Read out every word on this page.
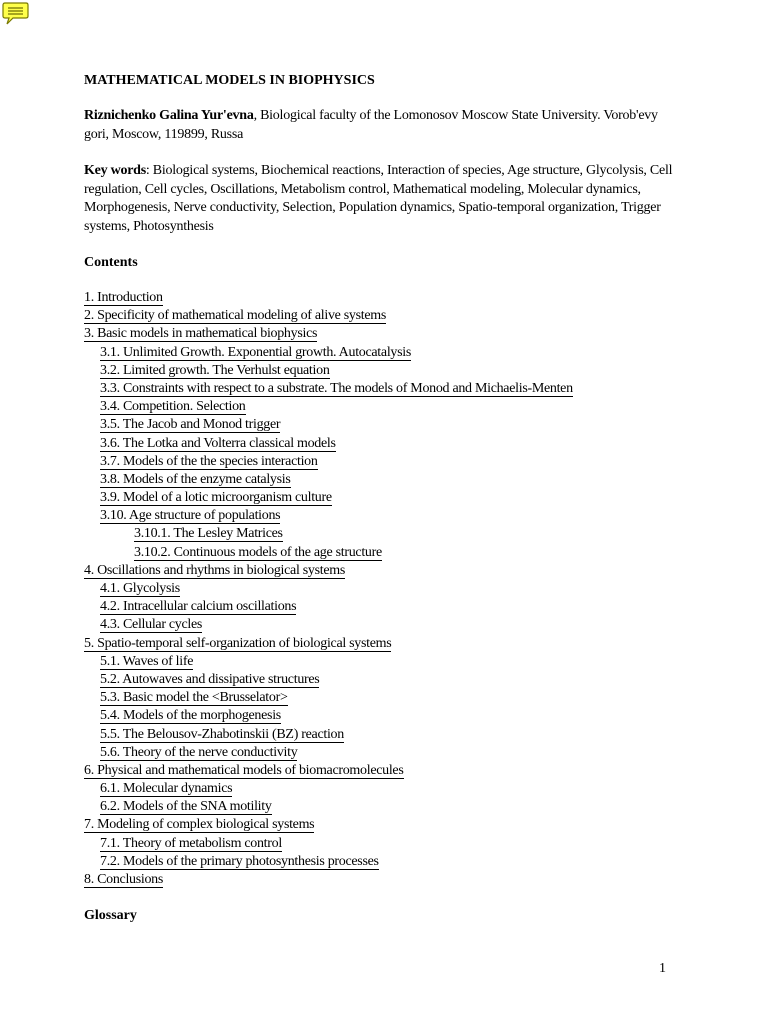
MATHEMATICAL MODELS IN BIOPHYSICS

Riznichenko Galina Yur'evna, Biological faculty of the Lomonosov Moscow State University. Vorob'evy gori, Moscow, 119899, Russa

Key words: Biological systems, Biochemical reactions, Interaction of species, Age structure, Glycolysis, Cell regulation, Cell cycles, Oscillations, Metabolism control, Mathematical modeling, Molecular dynamics, Morphogenesis, Nerve conductivity, Selection, Population dynamics, Spatio-temporal organization, Trigger systems, Photosynthesis

Contents
1. Introduction
2. Specificity of mathematical modeling of alive systems
3. Basic models in mathematical biophysics
3.1. Unlimited Growth. Exponential growth. Autocatalysis
3.2. Limited growth. The Verhulst equation
3.3. Constraints with respect to a substrate. The models of Monod and Michaelis-Menten
3.4. Competition. Selection
3.5. The Jacob and Monod trigger
3.6. The Lotka and Volterra classical models
3.7. Models of the the species interaction
3.8. Models of the enzyme catalysis
3.9. Model of a lotic microorganism culture
3.10. Age structure of populations
3.10.1. The Lesley Matrices
3.10.2. Continuous models of the age structure
4. Oscillations and rhythms in biological systems
4.1. Glycolysis
4.2. Intracellular calcium oscillations
4.3. Cellular cycles
5. Spatio-temporal self-organization of biological systems
5.1. Waves of life
5.2. Autowaves and dissipative structures
5.3. Basic model the <Brusselator>
5.4. Models of the morphogenesis
5.5. The Belousov-Zhabotinskii (BZ) reaction
5.6. Theory of the nerve conductivity
6. Physical and mathematical models of biomacromolecules
6.1. Molecular dynamics
6.2. Models of the SNA motility
7. Modeling of complex biological systems
7.1. Theory of metabolism control
7.2. Models of the primary photosynthesis processes
8. Conclusions
Glossary
1
